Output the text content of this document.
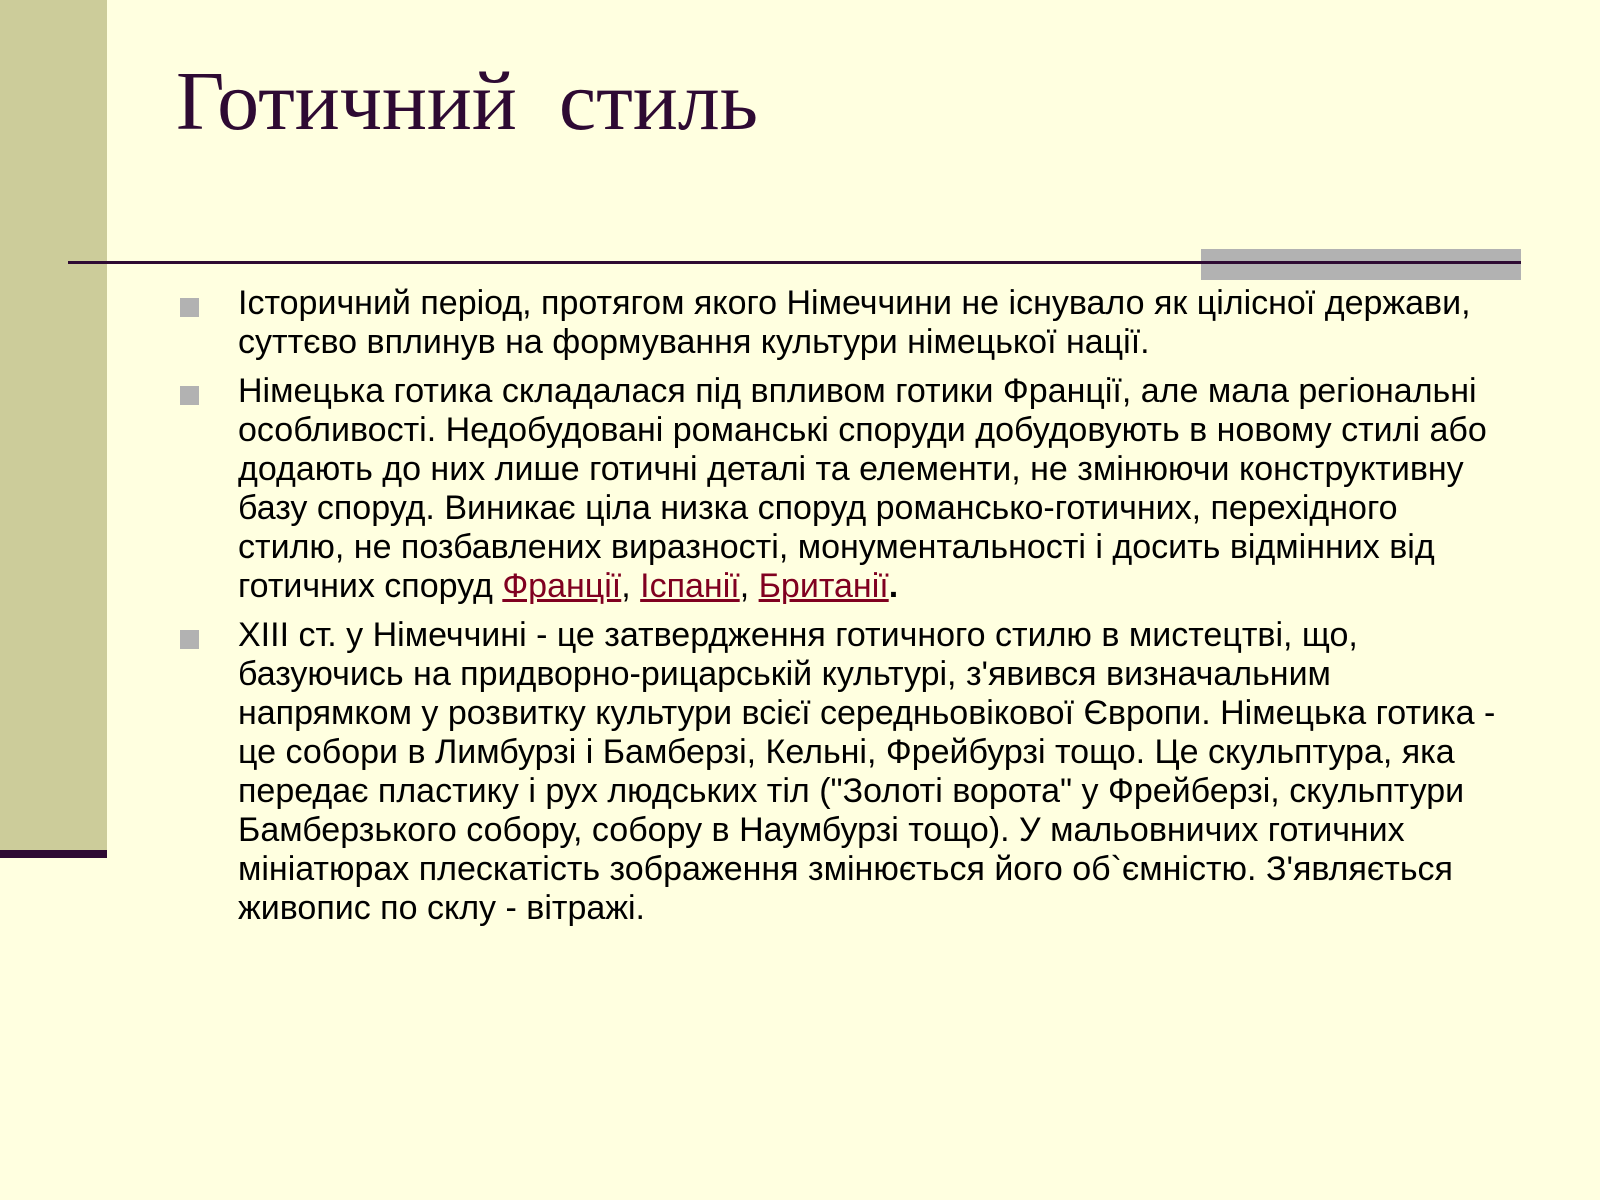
Готичний  стиль
Історичний період, протягом якого Німеччини не існувало як цілісної держави, суттєво вплинув на формування культури німецької нації.
Німецька готика складалася під впливом готики Франції, але мала регіональні особливості. Недобудовані романські споруди добудовують в новому стилі або додають до них лише готичні деталі та елементи, не змінюючи конструктивну базу споруд. Виникає ціла низка споруд романсько-готичних, перехідного стилю, не позбавлених виразності, монументальності і досить відмінних від готичних споруд Франції, Іспанії, Британії.
XIII ст. у Німеччині - це затвердження готичного стилю в мистецтві, що, базуючись на придворно-рицарській культурі, з'явився визначальним напрямком у розвитку культури всієї середньовікової Європи. Німецька готика - це собори в Лимбурзі і Бамберзі, Кельні, Фрейбурзі тощо. Це скульптура, яка передає пластику і рух людських тіл ("Золоті ворота" у Фрейберзі, скульптури Бамберзького собору, собору в Наумбурзі тощо). У мальовничих готичних мініатюрах плескатість зображення змінюється його об`ємністю. З'являється живопис по склу - вітражі.
